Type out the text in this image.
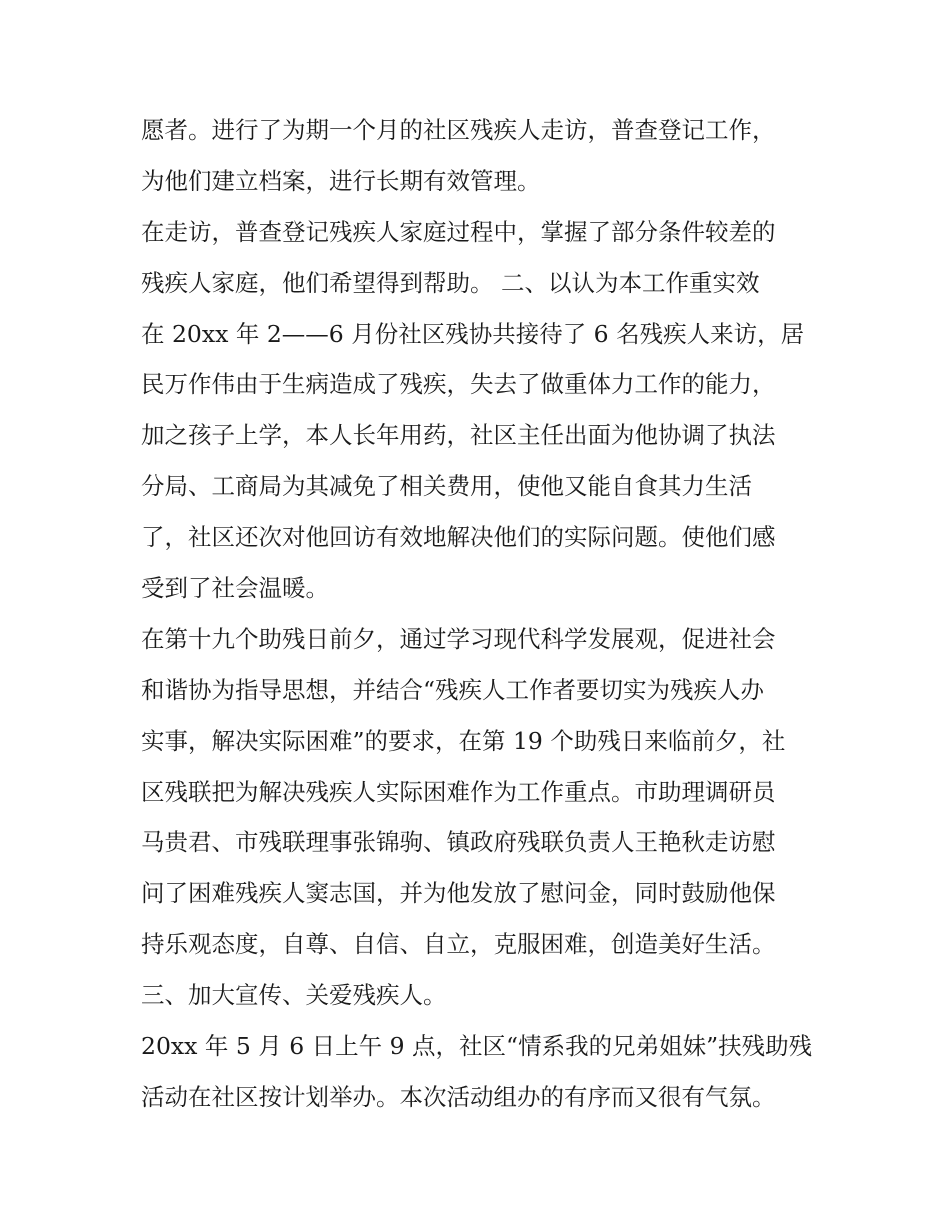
愿者。进行了为期一个月的社区残疾人走访，普查登记工作，
为他们建立档案，进行长期有效管理。
在走访，普查登记残疾人家庭过程中，掌握了部分条件较差的
残疾人家庭，他们希望得到帮助。 二、以认为本工作重实效
在 20xx 年 2——6 月份社区残协共接待了 6 名残疾人来访，居
民万作伟由于生病造成了残疾，失去了做重体力工作的能力，
加之孩子上学，本人长年用药，社区主任出面为他协调了执法
分局、工商局为其减免了相关费用，使他又能自食其力生活
了，社区还次对他回访有效地解决他们的实际问题。使他们感
受到了社会温暖。
在第十九个助残日前夕，通过学习现代科学发展观，促进社会
和谐协为指导思想，并结合“残疾人工作者要切实为残疾人办
实事，解决实际困难”的要求，在第 19 个助残日来临前夕，社
区残联把为解决残疾人实际困难作为工作重点。市助理调研员
马贵君、市残联理事张锦驹、镇政府残联负责人王艳秋走访慰
问了困难残疾人窦志国，并为他发放了慰问金，同时鼓励他保
持乐观态度，自尊、自信、自立，克服困难，创造美好生活。
三、加大宣传、关爱残疾人。
20xx 年 5 月 6 日上午 9 点，社区“情系我的兄弟姐妹”扶残助残
活动在社区按计划举办。本次活动组办的有序而又很有气氛。
